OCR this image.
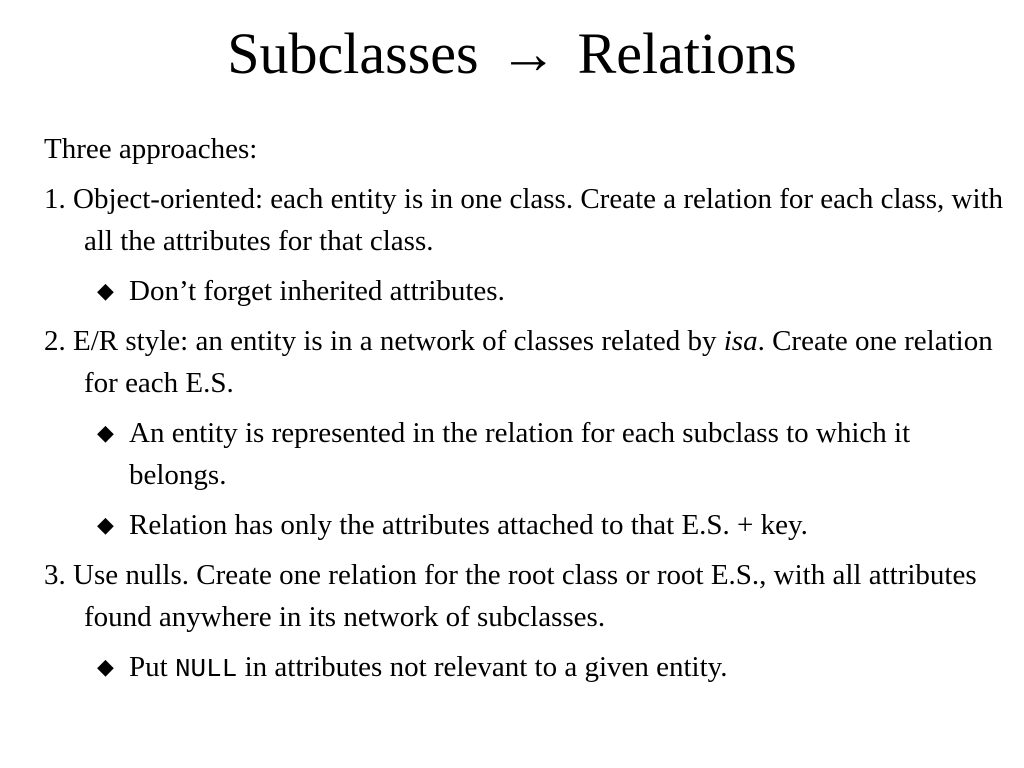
Subclasses → Relations
Three approaches:
1. Object-oriented: each entity is in one class. Create a relation for each class, with all the attributes for that class.
◆ Don’t forget inherited attributes.
2. E/R style: an entity is in a network of classes related by isa. Create one relation for each E.S.
◆ An entity is represented in the relation for each subclass to which it belongs.
◆ Relation has only the attributes attached to that E.S. + key.
3. Use nulls. Create one relation for the root class or root E.S., with all attributes found anywhere in its network of subclasses.
◆ Put NULL in attributes not relevant to a given entity.
